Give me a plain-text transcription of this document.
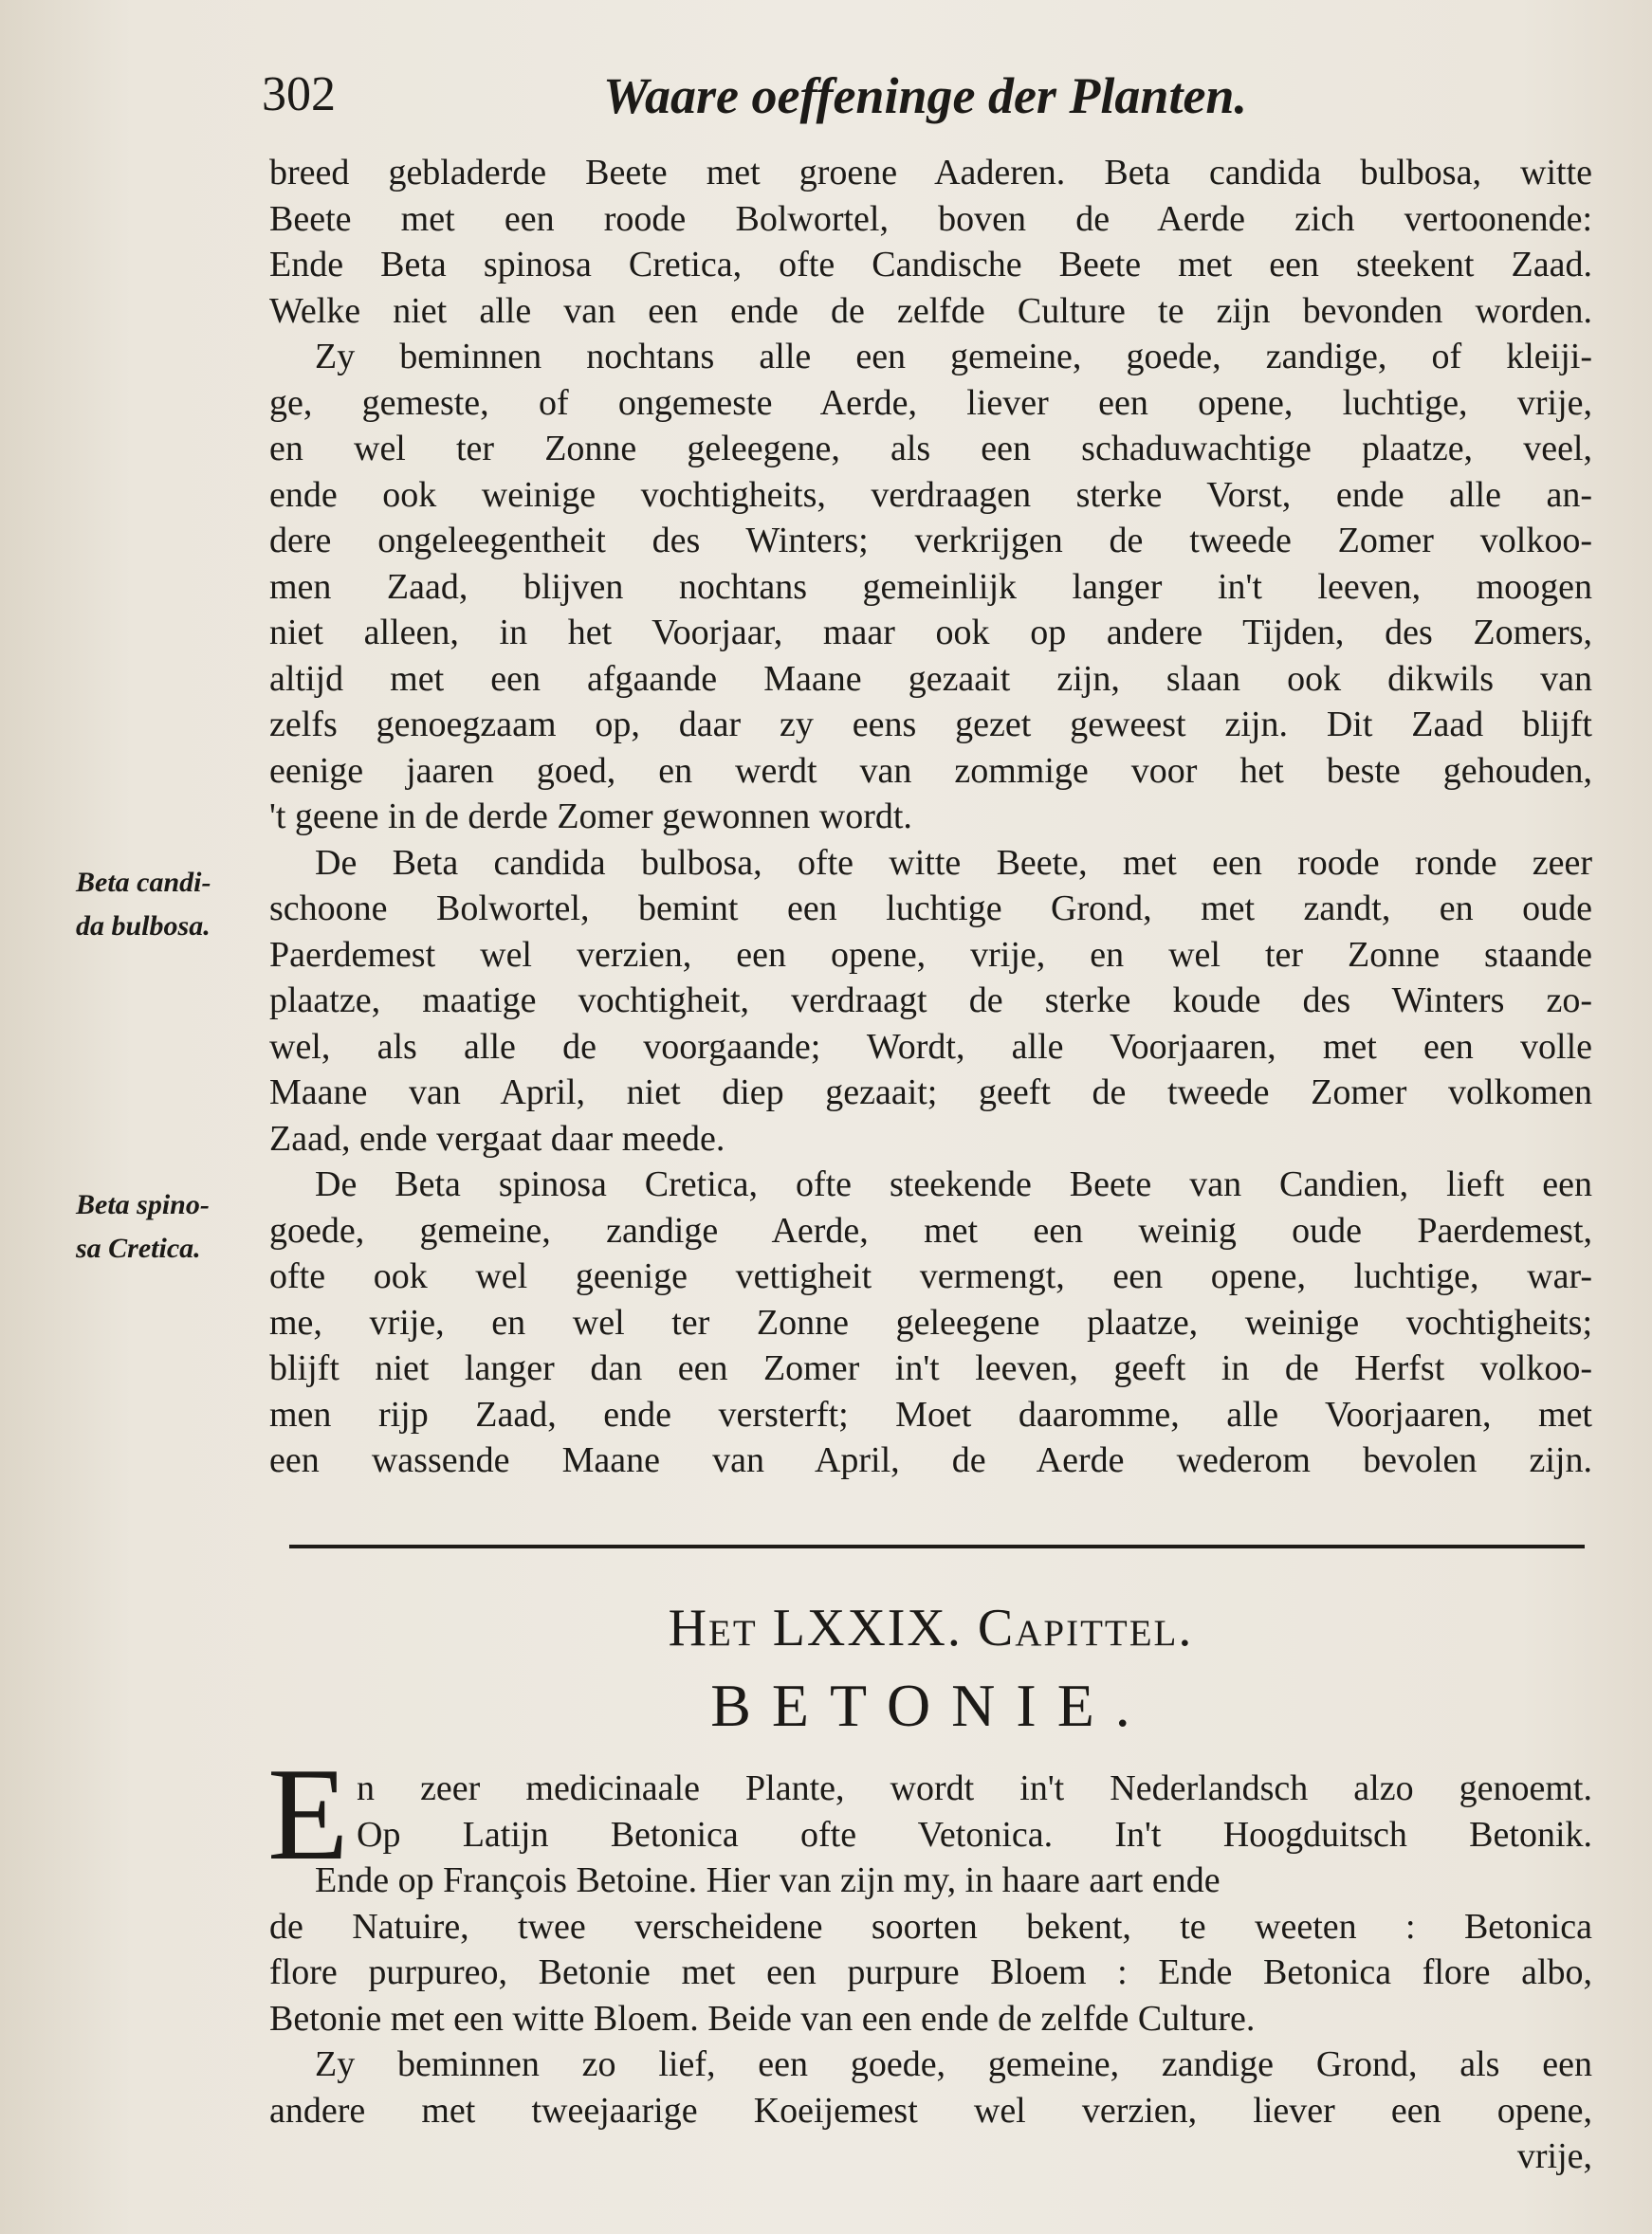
302	Waare oeffeninge der Planten.
Beta candi-
da bulbosa.
Beta spino-
sa Cretica.
breed gebladerde Beete met groene Aaderen. Beta candida bulbosa, witte
Beete met een roode Bolwortel, boven de Aerde zich vertoonende:
Ende Beta spinosa Cretica, ofte Candische Beete met een steekent Zaad.
Welke niet alle van een ende de zelfde Culture te zijn bevonden worden.
Zy beminnen nochtans alle een gemeine, goede, zandige, of kleiji-
ge, gemeste, of ongemeste Aerde, liever een opene, luchtige, vrije,
en wel ter Zonne geleegene, als een schaduwachtige plaatze, veel,
ende ook weinige vochtigheits, verdraagen sterke Vorst, ende alle an-
dere ongeleegentheit des Winters; verkrijgen de tweede Zomer volkoo-
men Zaad, blijven nochtans gemeinlijk langer in't leeven, moogen
niet alleen, in het Voorjaar, maar ook op andere Tijden, des Zomers,
altijd met een afgaande Maane gezaait zijn, slaan ook dikwils van
zelfs genoegzaam op, daar zy eens gezet geweest zijn. Dit Zaad blijft
eenige jaaren goed, en werdt van zommige voor het beste gehouden,
't geene in de derde Zomer gewonnen wordt.
De Beta candida bulbosa, ofte witte Beete, met een roode ronde zeer
schoone Bolwortel, bemint een luchtige Grond, met zandt, en oude
Paerdemest wel verzien, een opene, vrije, en wel ter Zonne staande
plaatze, maatige vochtigheit, verdraagt de sterke koude des Winters zo-
wel, als alle de voorgaande; Wordt, alle Voorjaaren, met een volle
Maane van April, niet diep gezaait; geeft de tweede Zomer volkomen
Zaad, ende vergaat daar meede.
De Beta spinosa Cretica, ofte steekende Beete van Candien, lieft een
goede, gemeine, zandige Aerde, met een weinig oude Paerdemest,
ofte ook wel geenige vettigheit vermengt, een opene, luchtige, war-
me, vrije, en wel ter Zonne geleegene plaatze, weinige vochtigheits;
blijft niet langer dan een Zomer in't leeven, geeft in de Herfst volkoo-
men rijp Zaad, ende versterft; Moet daaromme, alle Voorjaaren, met
een wassende Maane van April, de Aerde wederom bevolen zijn.
Het LXXIX. Capittel.
BETONIE.
E n zeer medicinaale Plante, wordt in't Nederlandsch alzo genoemt.
Op Latijn Betonica ofte Vetonica. In't Hoogduitsch Betonik.
Ende op François Betoine. Hier van zijn my, in haare aart ende
de Natuire, twee verscheidene soorten bekent, te weeten : Betonica
flore purpureo, Betonie met een purpure Bloem : Ende Betonica flore albo,
Betonie met een witte Bloem. Beide van een ende de zelfde Culture.
Zy beminnen zo lief, een goede, gemeine, zandige Grond, als een
andere met tweejaarige Koeijemest wel verzien, liever een opene,
vrije,
